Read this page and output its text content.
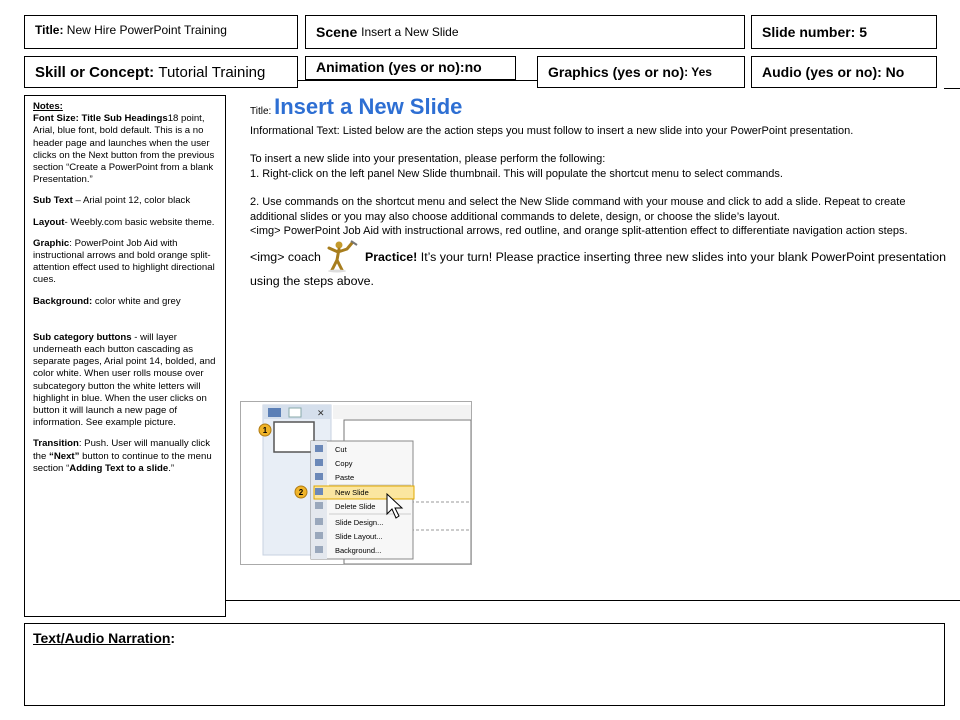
Title:
New Hire PowerPoint Training	Scene
Insert a New Slide	Slide number: 5
Skill or Concept:
Tutorial Training	Animation (yes or no): no	Graphics (yes or no) : Yes	Audio (yes or no): No

Notes:

Font Size: Title Sub Headings18 point, Arial, blue font, bold default. This is a no header page and launches when the user clicks on the Next button from the previous section “Create a PowerPoint from a blank Presentation.”

Sub Text – Arial point 12, color black

Layout- Weebly.com basic website theme.

Graphic: PowerPoint Job Aid with instructional arrows and bold orange split-attention effect used to highlight directional cues.

Background: color white and grey

Sub category buttons - will layer underneath each button cascading as separate pages, Arial point 14, bolded, and color white. When user rolls mouse over subcategory button the white letters will highlight in blue. When the user clicks on button it will launch a new page of information. See example picture.

Transition: Push. User will manually click the “Next” button to continue to the menu section “Adding Text to a slide.”

Title: Insert a New Slide

Informational Text: Listed below are the action steps you must follow to insert a new slide into your PowerPoint presentation.

To insert a new slide into your presentation, please perform the following:

1. Right-click on the left panel New Slide thumbnail. This will populate the shortcut menu to select commands.

2. Use commands on the shortcut menu and select the New Slide command with your mouse and click to add a slide. Repeat to create additional slides or you may also choose additional commands to delete, design, or choose the slide’s layout.

<img> PowerPoint Job Aid with instructional arrows, red outline, and orange split-attention effect to differentiate navigation action steps.

<img> coach	Practice! It’s your turn! Please practice inserting three new slides into your blank PowerPoint presentation using the steps above.

✕
1
Cut
Copy
Paste
New Slide
Delete Slide
Slide Design...
Slide Layout...
Background...
2
Text/Audio Narration:
